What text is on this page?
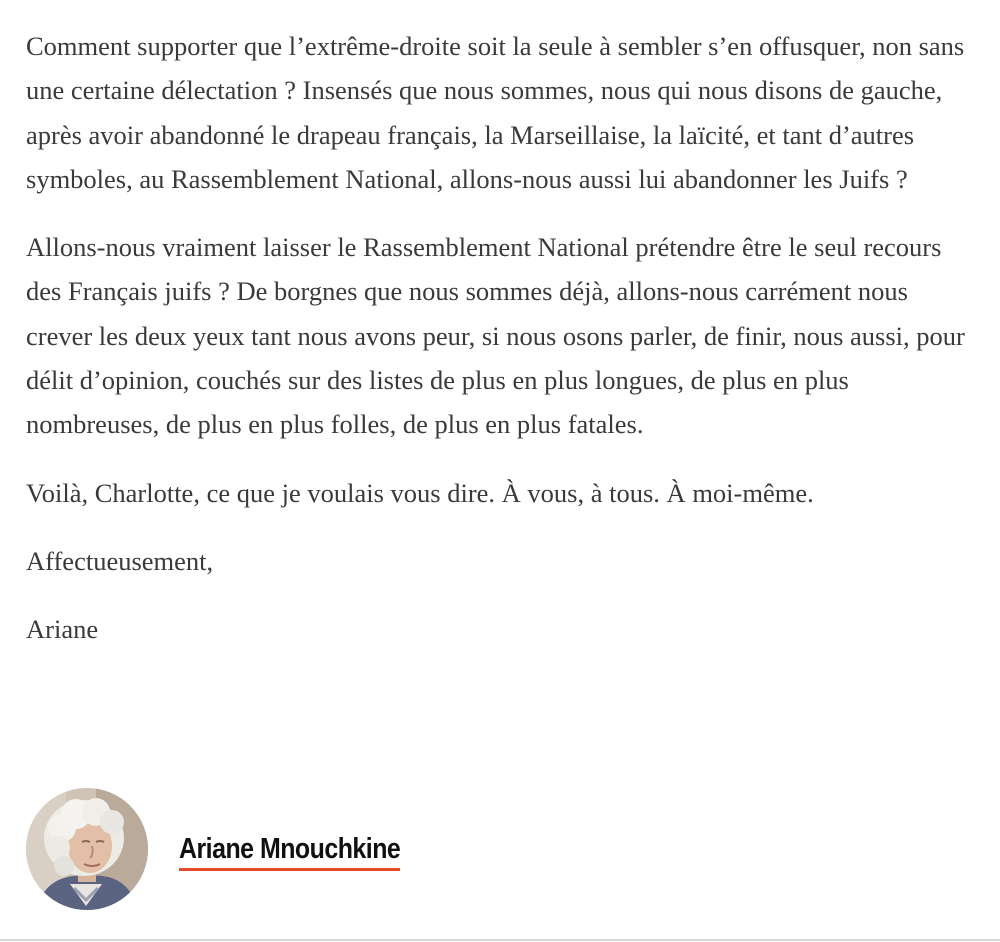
Comment supporter que l’extrême-droite soit la seule à sembler s’en offusquer, non sans une certaine délectation ? Insensés que nous sommes, nous qui nous disons de gauche, après avoir abandonné le drapeau français, la Marseillaise, la laïcité, et tant d’autres symboles, au Rassemblement National, allons-nous aussi lui abandonner les Juifs ?

Allons-nous vraiment laisser le Rassemblement National prétendre être le seul recours des Français juifs ? De borgnes que nous sommes déjà, allons-nous carrément nous crever les deux yeux tant nous avons peur, si nous osons parler, de finir, nous aussi, pour délit d’opinion, couchés sur des listes de plus en plus longues, de plus en plus nombreuses, de plus en plus folles, de plus en plus fatales.

Voilà, Charlotte, ce que je voulais vous dire. À vous, à tous. À moi-même.

Affectueusement,

Ariane

Ariane Mnouchkine
